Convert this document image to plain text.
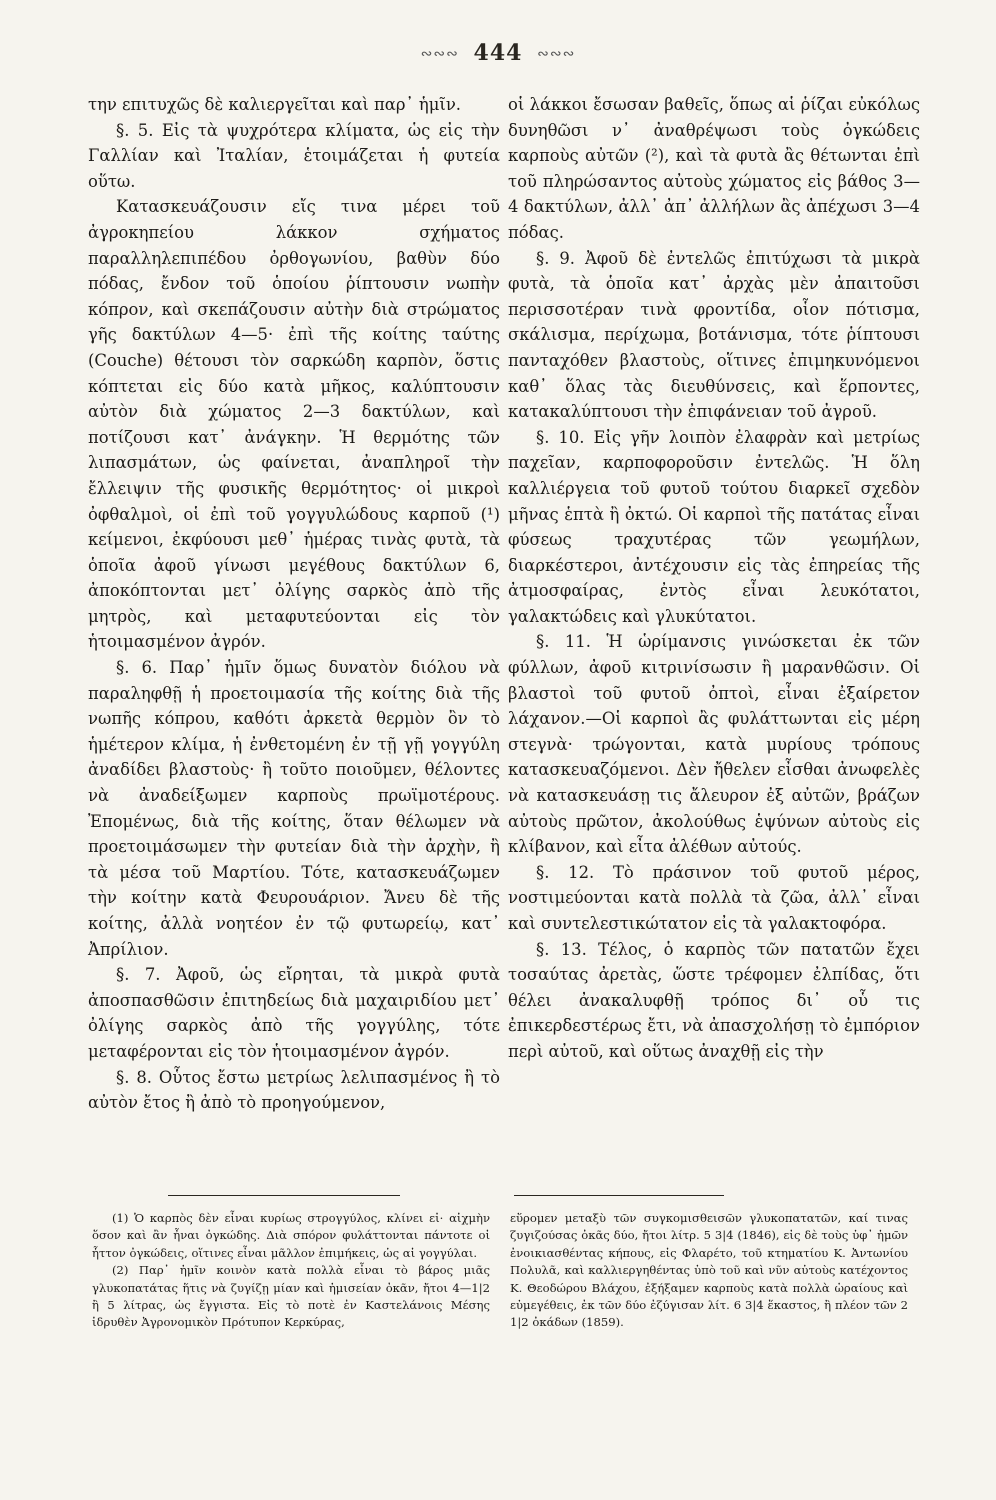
∾∾∾ 444 ∾∾∾

την επιτυχῶς δὲ καλιεργεῖται καὶ παρ᾽ ἡμῖν.

§. 5. Εἰς τὰ ψυχρότερα κλίματα, ὡς εἰς τὴν Γαλλίαν καὶ Ἰταλίαν, ἑτοιμάζεται ἡ φυτεία οὕτω.

Κατασκευάζουσιν εἴς τινα μέρει τοῦ ἀγροκηπείου λάκκον σχήματος παραλληλεπιπέδου ὀρθογωνίου, βαθὺν δύο πόδας, ἔνδον τοῦ ὁποίου ῥίπτουσιν νωπὴν κόπρον, καὶ σκεπάζουσιν αὐτὴν διὰ στρώματος γῆς δακτύλων 4—5· ἐπὶ τῆς κοίτης ταύτης (Couche) θέτουσι τὸν σαρκώδη καρπὸν, ὅστις κόπτεται εἰς δύο κατὰ μῆκος, καλύπτουσιν αὐτὸν διὰ χώματος 2—3 δακτύλων, καὶ ποτίζουσι κατ᾽ ἀνάγκην. Ἡ θερμότης τῶν λιπασμάτων, ὡς φαίνεται, ἀναπληροῖ τὴν ἔλλειψιν τῆς φυσικῆς θερμότητος· οἱ μικροὶ ὀφθαλμοὶ, οἱ ἐπὶ τοῦ γογγυλώδους καρποῦ (¹) κείμενοι, ἐκφύουσι μεθ᾽ ἡμέρας τινὰς φυτὰ, τὰ ὁποῖα ἀφοῦ γίνωσι μεγέθους δακτύλων 6, ἀποκόπτονται μετ᾽ ὀλίγης σαρκὸς ἀπὸ τῆς μητρὸς, καὶ μεταφυτεύονται εἰς τὸν ἡτοιμασμένον ἀγρόν.

§. 6. Παρ᾽ ἡμῖν ὅμως δυνατὸν διόλου νὰ παραληφθῇ ἡ προετοιμασία τῆς κοίτης διὰ τῆς νωπῆς κόπρου, καθότι ἀρκετὰ θερμὸν ὂν τὸ ἡμέτερον κλίμα, ἡ ἐνθετομένη ἐν τῇ γῇ γογγύλη ἀναδίδει βλαστοὺς· ἢ τοῦτο ποιοῦμεν, θέλοντες νὰ ἀναδείξωμεν καρποὺς πρωϊμοτέρους. Ἐπομένως, διὰ τῆς κοίτης, ὅταν θέλωμεν νὰ προετοιμάσωμεν τὴν φυτείαν διὰ τὴν ἀρχὴν, ἢ τὰ μέσα τοῦ Μαρτίου. Τότε, κατασκευάζωμεν τὴν κοίτην κατὰ Φευρουάριον. Ἄνευ δὲ τῆς κοίτης, ἀλλὰ νοητέον ἐν τῷ φυτωρείῳ, κατ᾽ Ἀπρίλιον.

§. 7. Ἀφοῦ, ὡς εἴρηται, τὰ μικρὰ φυτὰ ἀποσπασθῶσιν ἐπιτηδείως διὰ μαχαιριδίου μετ᾽ ὀλίγης σαρκὸς ἀπὸ τῆς γογγύλης, τότε μεταφέρονται εἰς τὸν ἡτοιμασμένον ἀγρόν.

§. 8. Οὗτος ἔστω μετρίως λελιπασμένος ἢ τὸ αὐτὸν ἔτος ἢ ἀπὸ τὸ προηγούμενον,

οἱ λάκκοι ἔσωσαν βαθεῖς, ὅπως αἱ ῥίζαι εὐκόλως δυνηθῶσι ν᾽ ἀναθρέψωσι τοὺς ὀγκώδεις καρποὺς αὐτῶν (²), καὶ τὰ φυτὰ ἂς θέτωνται ἐπὶ τοῦ πληρώσαντος αὐτοὺς χώματος εἰς βάθος 3—4 δακτύλων, ἀλλ᾽ ἀπ᾽ ἀλλήλων ἂς ἀπέχωσι 3—4 πόδας.

§. 9. Ἀφοῦ δὲ ἐντελῶς ἐπιτύχωσι τὰ μικρὰ φυτὰ, τὰ ὁποῖα κατ᾽ ἀρχὰς μὲν ἀπαιτοῦσι περισσοτέραν τινὰ φροντίδα, οἷον πότισμα, σκάλισμα, περίχωμα, βοτάνισμα, τότε ῥίπτουσι πανταχόθεν βλαστοὺς, οἵτινες ἐπιμηκυνόμενοι καθ᾽ ὅλας τὰς διευθύνσεις, καὶ ἕρποντες, κατακαλύπτουσι τὴν ἐπιφάνειαν τοῦ ἀγροῦ.

§. 10. Εἰς γῆν λοιπὸν ἐλαφρὰν καὶ μετρίως παχεῖαν, καρποφοροῦσιν ἐντελῶς. Ἡ ὅλη καλλιέργεια τοῦ φυτοῦ τούτου διαρκεῖ σχεδὸν μῆνας ἑπτὰ ἢ ὀκτώ. Οἱ καρποὶ τῆς πατάτας εἶναι φύσεως τραχυτέρας τῶν γεωμήλων, διαρκέστεροι, ἀντέχουσιν εἰς τὰς ἐπηρείας τῆς ἀτμοσφαίρας, ἐντὸς εἶναι λευκότατοι, γαλακτώδεις καὶ γλυκύτατοι.

§. 11. Ἡ ὡρίμανσις γινώσκεται ἐκ τῶν φύλλων, ἀφοῦ κιτρινίσωσιν ἢ μαρανθῶσιν. Οἱ βλαστοὶ τοῦ φυτοῦ ὀπτοὶ, εἶναι ἐξαίρετον λάχανον.—Οἱ καρποὶ ἂς φυλάττωνται εἰς μέρη στεγνὰ· τρώγονται, κατὰ μυρίους τρόπους κατασκευαζόμενοι. Δὲν ἤθελεν εἶσθαι ἀνωφελὲς νὰ κατασκευάσῃ τις ἄλευρον ἐξ αὐτῶν, βράζων αὐτοὺς πρῶτον, ἀκολούθως ἑψύνων αὐτοὺς εἰς κλίβανον, καὶ εἶτα ἀλέθων αὐτούς.

§. 12. Τὸ πράσινον τοῦ φυτοῦ μέρος, νοστιμεύονται κατὰ πολλὰ τὰ ζῶα, ἀλλ᾽ εἶναι καὶ συντελεστικώτατον εἰς τὰ γαλακτοφόρα.

§. 13. Τέλος, ὁ καρπὸς τῶν πατατῶν ἔχει τοσαύτας ἀρετὰς, ὥστε τρέφομεν ἐλπίδας, ὅτι θέλει ἀνακαλυφθῇ τρόπος δι᾽ οὗ τις ἐπικερδεστέρως ἔτι, νὰ ἀπασχολήσῃ τὸ ἐμπόριον περὶ αὐτοῦ, καὶ οὕτως ἀναχθῇ εἰς τὴν

(1) Ὁ καρπὸς δὲν εἶναι κυρίως στρογγύλος, κλίνει εἰ· αἰχμὴν ὅσον καὶ ἂν ἦναι ὀγκώδης. Διὰ σπόρον φυλάττονται πάντοτε οἱ ἧττον ὀγκώδεις, οἵτινες εἶναι μᾶλλον ἐπιμήκεις, ὡς αἱ γογγύλαι.

(2) Παρ᾽ ἡμῖν κοινὸν κατὰ πολλὰ εἶναι τὸ βάρος μιᾶς γλυκοπατάτας ἥτις νὰ ζυγίζῃ μίαν καὶ ἡμισείαν ὀκᾶν, ἤτοι 4—1|2 ἢ 5 λίτρας, ὡς ἔγγιστα. Εἰς τὸ ποτὲ ἐν Καστελάνοις Μέσης ἱδρυθὲν Ἀγρονομικὸν Πρότυπον Κερκύρας,

εὕρομεν μεταξὺ τῶν συγκομισθεισῶν γλυκοπατατῶν, καί τινας ζυγιζούσας ὀκᾶς δύο, ἤτοι λίτρ. 5 3|4 (1846), εἰς δὲ τοὺς ὑφ᾽ ἡμῶν ἐνοικιασθέντας κήπους, εἰς Φλαρέτο, τοῦ κτηματίου Κ. Ἀντωνίου Πολυλᾶ, καὶ καλλιεργηθέντας ὑπὸ τοῦ καὶ νῦν αὐτοὺς κατέχοντος Κ. Θεοδώρου Βλάχου, ἐξήξαμεν καρποὺς κατὰ πολλὰ ὡραίους καὶ εὐμεγέθεις, ἐκ τῶν δύο ἐζύγισαν λίτ. 6 3|4 ἕκαστος, ἢ πλέον τῶν 2 1|2 ὀκάδων (1859).
